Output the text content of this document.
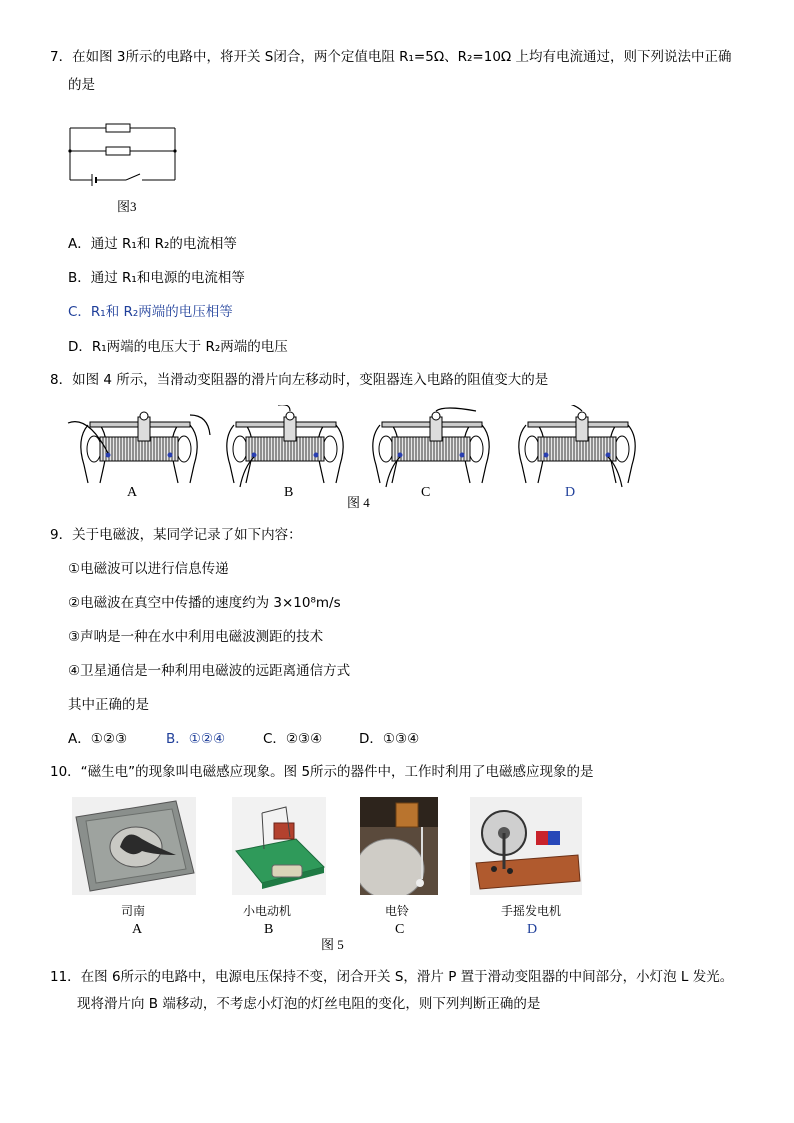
7．在如图 3所示的电路中，将开关 S闭合，两个定值电阻 R₁=5Ω、R₂=10Ω 上均有电流通过，则下列说法中正确
的是
图3
A．通过 R₁和 R₂的电流相等
B．通过 R₁和电源的电流相等
C．R₁和 R₂两端的电压相等
D．R₁两端的电压大于 R₂两端的电压
8．如图 4 所示，当滑动变阻器的滑片向左移动时，变阻器连入电路的阻值变大的是
A	B
图 4
C	D
9．关于电磁波，某同学记录了如下内容：
①电磁波可以进行信息传递
②电磁波在真空中传播的速度约为 3×10⁸m/s
③声呐是一种在水中利用电磁波测距的技术
④卫星通信是一种利用电磁波的远距离通信方式
其中正确的是
A．①②③	B．①②④	C．②③④	D．①③④
10．“磁生电”的现象叫电磁感应现象。图 5所示的器件中，工作时利用了电磁感应现象的是
司南
A
小电动机
B
图 5
电铃
C
手摇发电机
D
11．在图 6所示的电路中，电源电压保持不变，闭合开关 S，滑片 P 置于滑动变阻器的中间部分，小灯泡 L 发光。
现将滑片向 B 端移动，不考虑小灯泡的灯丝电阻的变化，则下列判断正确的是
